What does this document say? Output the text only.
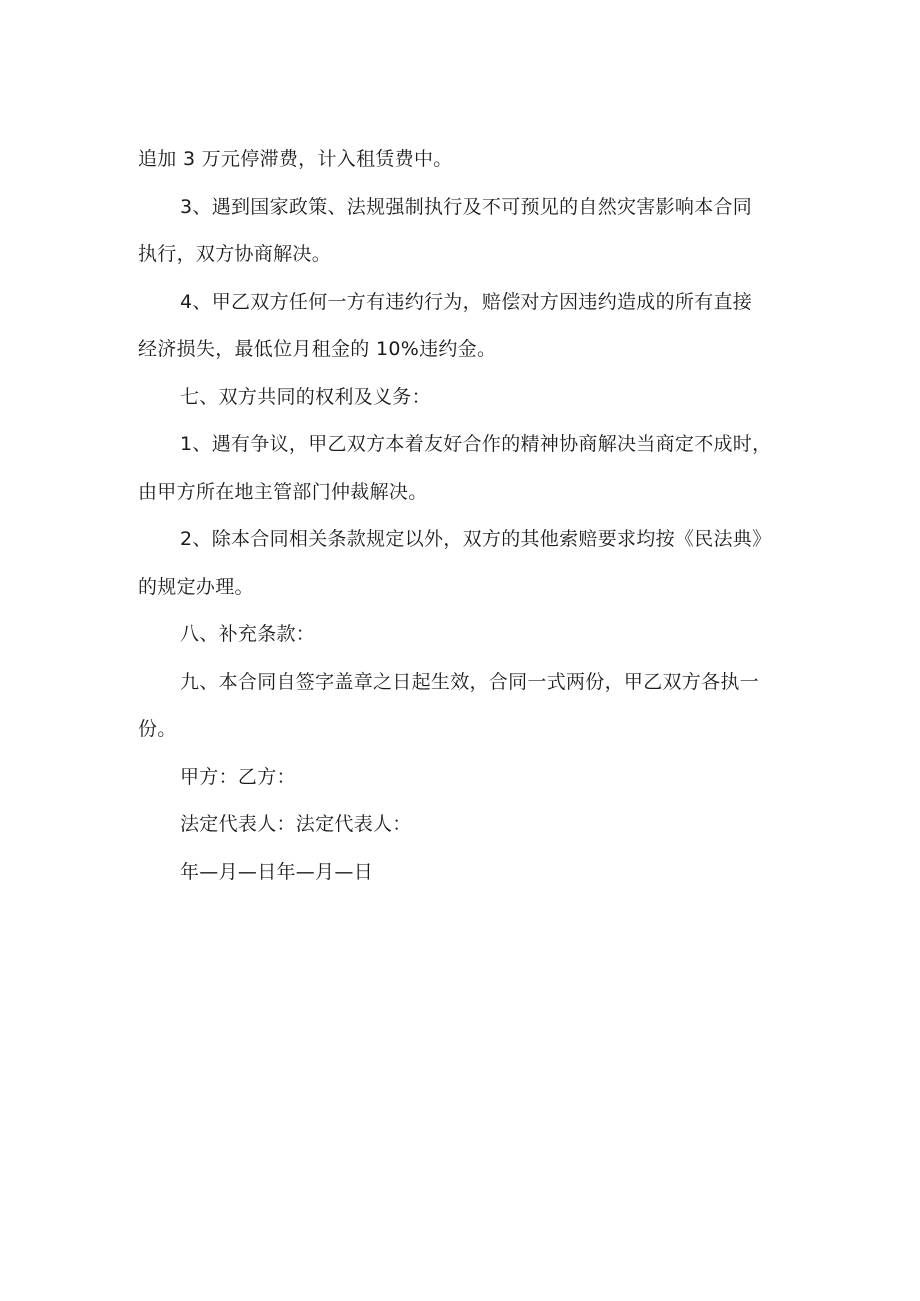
追加 3 万元停滞费，计入租赁费中。
3、遇到国家政策、法规强制执行及不可预见的自然灾害影响本合同
执行，双方协商解决。
4、甲乙双方任何一方有违约行为，赔偿对方因违约造成的所有直接
经济损失，最低位月租金的 10%违约金。
七、双方共同的权利及义务：
1、遇有争议，甲乙双方本着友好合作的精神协商解决当商定不成时，
由甲方所在地主管部门仲裁解决。
2、除本合同相关条款规定以外，双方的其他索赔要求均按《民法典》
的规定办理。
八、补充条款：
九、本合同自签字盖章之日起生效，合同一式两份，甲乙双方各执一
份。
甲方：乙方：
法定代表人：法定代表人：
年—月—日年—月—日
